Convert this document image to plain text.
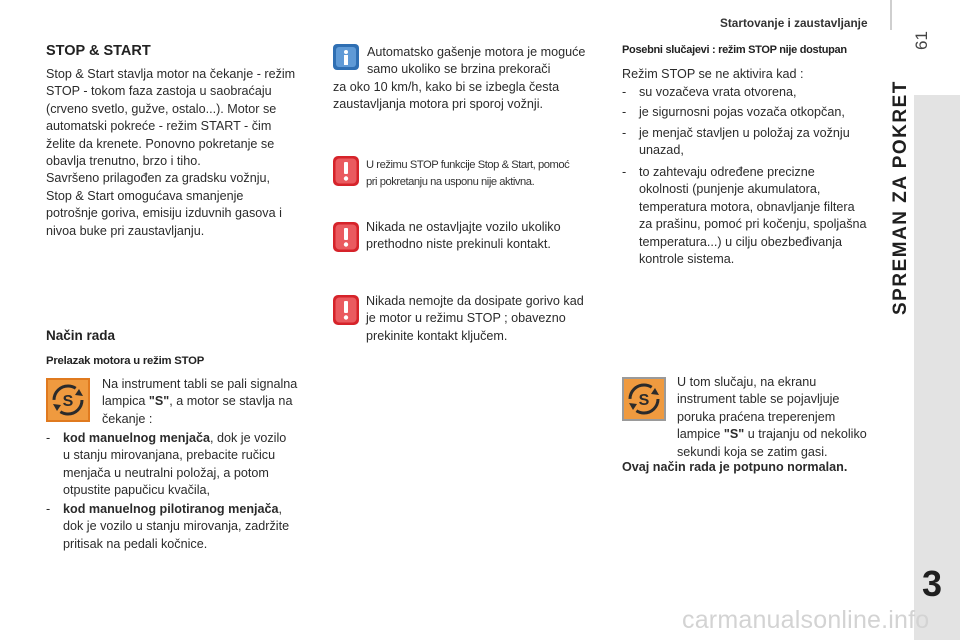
Startovanje i zaustavljanje
61
SPREMAN ZA POKRET
3
STOP & START
Stop & Start stavlja motor na čekanje - režim
STOP - tokom faza zastoja u saobraćaju
(crveno svetlo, gužve, ostalo...). Motor se
automatski pokreće - režim START - čim
želite da krenete. Ponovno pokretanje se
obavlja trenutno, brzo i tiho.
Savršeno prilagođen za gradsku vožnju,
Stop & Start omogućava smanjenje
potrošnje goriva, emisiju izduvnih gasova i
nivoa buke pri zaustavljanju.
Način rada
Prelazak motora u režim STOP
S
Na instrument tabli se pali signalna
lampica "S", a motor se stavlja na
čekanje :
- kod manuelnog menjača, dok je vozilo
u stanju mirovanjana, prebacite ručicu
menjača u neutralni položaj, a potom
otpustite papučicu kvačila,
- kod manuelnog pilotiranog menjača,
dok je vozilo u stanju mirovanja, zadržite
pritisak na pedali kočnice.
Automatsko gašenje motora je moguće
samo ukoliko se brzina prekorači
za oko 10 km/h, kako bi se izbegla česta
zaustavljanja motora pri sporoj vožnji.
U režimu STOP funkcije Stop & Start, pomoć
pri pokretanju na usponu nije aktivna.
Nikada ne ostavljajte vozilo ukoliko
prethodno niste prekinuli kontakt.
Nikada nemojte da dosipate gorivo kad
je motor u režimu STOP ; obavezno
prekinite kontakt ključem.
Posebni slučajevi : režim STOP nije dostupan
Režim STOP se ne aktivira kad :
- su vozačeva vrata otvorena,
- je sigurnosni pojas vozača otkopčan,
- je menjač stavljen u položaj za vožnju
unazad,
- to zahtevaju određene precizne
okolnosti (punjenje akumulatora,
temperatura motora, obnavljanje filtera
za prašinu, pomoć pri kočenju, spoljašna
temperatura...) u cilju obezbeđivanja
kontrole sistema.
S
U tom slučaju, na ekranu
instrument table se pojavljuje
poruka praćena treperenjem
lampice "S" u trajanju od nekoliko
sekundi koja se zatim gasi.
Ovaj način rada je potpuno normalan.
carmanualsonline.info
